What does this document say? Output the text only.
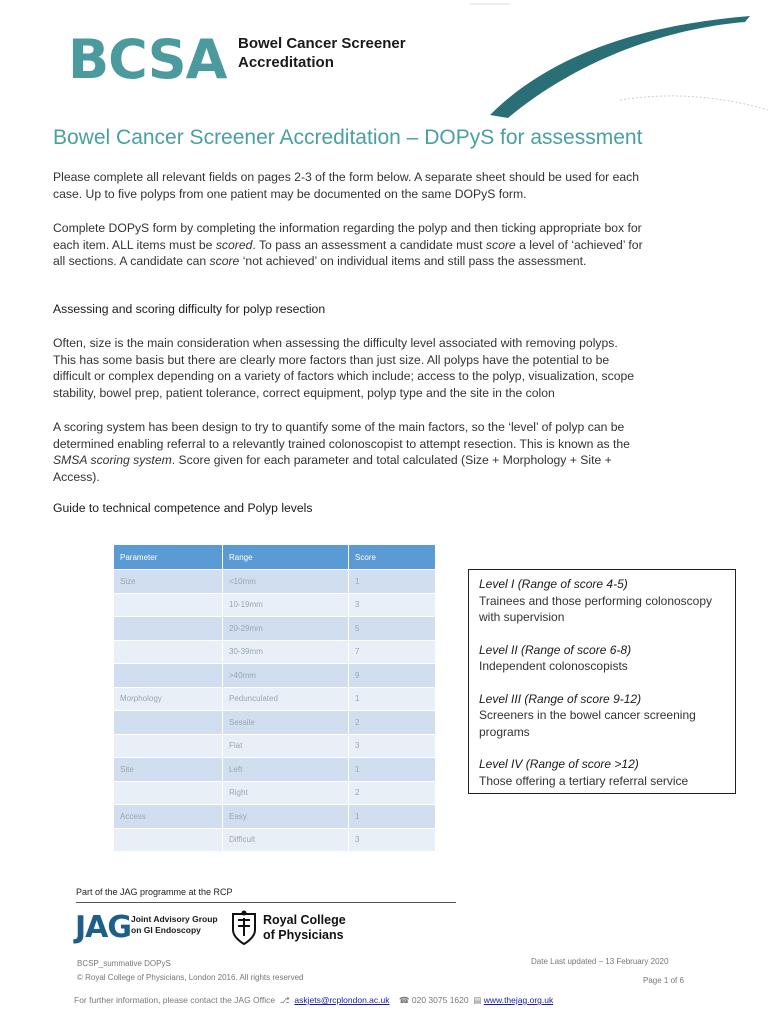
BCSA Bowel Cancer Screener
Accreditation
Bowel Cancer Screener Accreditation – DOPyS for assessment
Please complete all relevant fields on pages 2-3 of the form below. A separate sheet should be used for each case. Up to five polyps from one patient may be documented on the same DOPyS form.
Complete DOPyS form by completing the information regarding the polyp and then ticking appropriate box for each item. ALL items must be scored. To pass an assessment a candidate must score a level of ‘achieved’ for all sections. A candidate can score ‘not achieved’ on individual items and still pass the assessment.
Assessing and scoring difficulty for polyp resection
Often, size is the main consideration when assessing the difficulty level associated with removing polyps. This has some basis but there are clearly more factors than just size. All polyps have the potential to be difficult or complex depending on a variety of factors which include; access to the polyp, visualization, scope stability, bowel prep, patient tolerance, correct equipment, polyp type and the site in the colon
A scoring system has been design to try to quantify some of the main factors, so the ‘level’ of polyp can be determined enabling referral to a relevantly trained colonoscopist to attempt resection. This is known as the SMSA scoring system. Score given for each parameter and total calculated (Size + Morphology + Site + Access).
Guide to technical competence and Polyp levels
Parameter	Range	Score
Size	<10mm	1
	10-19mm	3
	20-29mm	5
	30-39mm	7
	>40mm	9
Morphology	Pedunculated	1
	Sessile	2
	Flat	3
Site	Left	1
	Right	2
Access	Easy	1
	Difficult	3
Level I (Range of score 4-5)
Trainees and those performing colonoscopy with supervision
Level II (Range of score 6-8)
Independent colonoscopists
Level III (Range of score 9-12)
Screeners in the bowel cancer screening programs
Level IV (Range of score >12)
Those offering a tertiary referral service
Part of the JAG programme at the RCP
JAG Joint Advisory Group
on GI Endoscopy
Royal College
of Physicians
BCSP_summative DOPyS
© Royal College of Physicians, London 2016. All rights reserved
Date Last updated – 13 February 2020
Page 1 of 6
For further information, please contact the JAG Office ⎇ askjets@rcplondon.ac.uk ☎ 020 3075 1620 ▤ www.thejag.org.uk
